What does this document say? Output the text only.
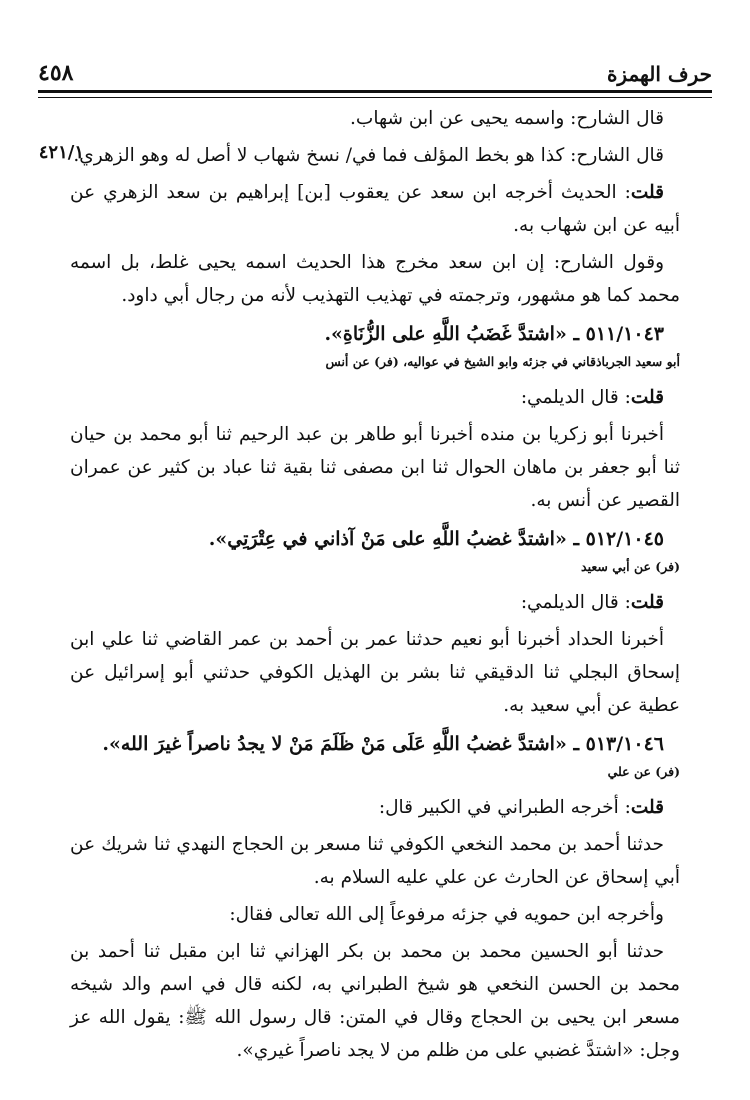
حرف الهمزة
٤٥٨
٤٢١/١

قال الشارح: واسمه يحيى عن ابن شهاب.

قال الشارح: كذا هو بخط المؤلف فما في/ نسخ شهاب لا أصل له وهو الزهري.

قلت: الحديث أخرجه ابن سعد عن يعقوب [بن] إبراهيم بن سعد الزهري عن أبيه عن ابن شهاب به.

وقول الشارح: إن ابن سعد مخرج هذا الحديث اسمه يحيى غلط، بل اسمه محمد كما هو مشهور، وترجمته في تهذيب التهذيب لأنه من رجال أبي داود.

٥١١/١٠٤٣ ـ «اشتدَّ غَضَبُ اللَّهِ على الزُّنَاةِ».

أبو سعيد الجرباذقاني في جزئه وابو الشيخ في عواليه، (فر) عن أنس

قلت: قال الديلمي:

أخبرنا أبو زكريا بن منده أخبرنا أبو طاهر بن عبد الرحيم ثنا أبو محمد بن حيان ثنا أبو جعفر بن ماهان الحوال ثنا ابن مصفى ثنا بقية ثنا عباد بن كثير عن عمران القصير عن أنس به.

٥١٢/١٠٤٥ ـ «اشتدَّ غضبُ اللَّهِ على مَنْ آذاني في عِتْرَتِي».

(فر) عن أبي سعيد

قلت: قال الديلمي:

أخبرنا الحداد أخبرنا أبو نعيم حدثنا عمر بن أحمد بن عمر القاضي ثنا علي ابن إسحاق البجلي ثنا الدقيقي ثنا بشر بن الهذيل الكوفي حدثني أبو إسرائيل عن عطية عن أبي سعيد به.

٥١٣/١٠٤٦ ـ «اشتدَّ غضبُ اللَّهِ عَلَى مَنْ ظَلَمَ مَنْ لا يجدُ ناصراً غيرَ الله».

(فر) عن علي

قلت: أخرجه الطبراني في الكبير قال:

حدثنا أحمد بن محمد النخعي الكوفي ثنا مسعر بن الحجاج النهدي ثنا شريك عن أبي إسحاق عن الحارث عن علي عليه السلام به.

وأخرجه ابن حمويه في جزئه مرفوعاً إلى الله تعالى فقال:

حدثنا أبو الحسين محمد بن محمد بن بكر الهزاني ثنا ابن مقبل ثنا أحمد بن محمد بن الحسن النخعي هو شيخ الطبراني به، لكنه قال في اسم والد شيخه مسعر ابن يحيى بن الحجاج وقال في المتن: قال رسول الله ﷺ: يقول الله عز وجل: «اشتدَّ غضبي على من ظلم من لا يجد ناصراً غيري».
